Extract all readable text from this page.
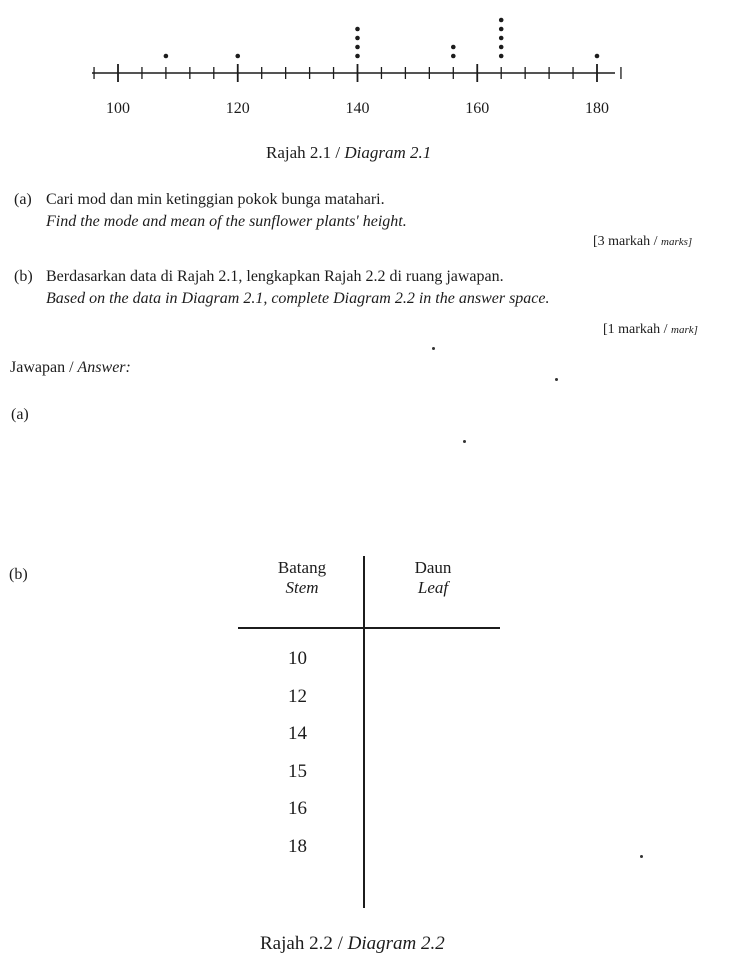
100	120	140	160	180
Rajah 2.1 / Diagram 2.1
(a) Cari mod dan min ketinggian pokok bunga matahari.
Find the mode and mean of the sunflower plants' height.
[3 markah / marks]
(b) Berdasarkan data di Rajah 2.1, lengkapkan Rajah 2.2 di ruang jawapan.
Based on the data in Diagram 2.1, complete Diagram 2.2 in the answer space.
[1 markah / mark]
Jawapan / Answer:
(a)
(b)	Batang
Stem
Daun
Leaf
10
12
14
15
16
18
Rajah 2.2 / Diagram 2.2
